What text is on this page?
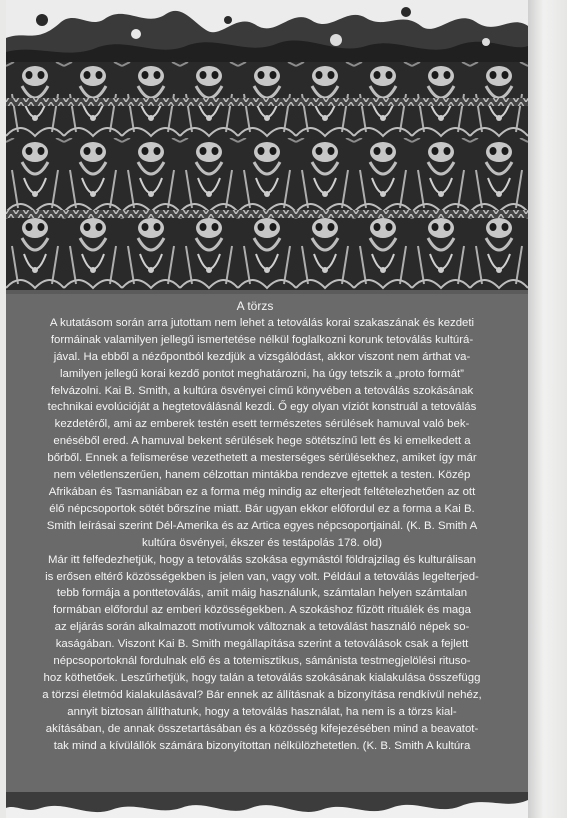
A törzs
A kutatásom során arra jutottam nem lehet a tetoválás korai szakaszának és kezdeti
formáinak valamilyen jellegű ismertetése nélkül foglalkozni korunk tetoválás kultúrá-
jával. Ha ebből a nézőpontból kezdjük a vizsgálódást, akkor viszont nem árthat va-
lamilyen jellegű korai kezdő pontot meghatározni, ha úgy tetszik a „proto formát”
felvázolni. Kai B. Smith, a kultúra ösvényei című könyvében a tetoválás szokásának
technikai evolúcióját a hegtetoválásnál kezdi. Ő egy olyan víziót konstruál a tetoválás
kezdetéről, ami az emberek testén esett természetes sérülések hamuval való bek-
enéséből ered. A hamuval bekent sérülések hege sötétszínű lett és ki emelkedett a
bőrből. Ennek a felismerése vezethetett a mesterséges sérülésekhez, amiket így már
nem véletlenszerűen, hanem célzottan mintákba rendezve ejtettek a testen. Közép
Afrikában és Tasmaniában ez a forma még mindig az elterjedt feltételezhetően az ott
élő népcsoportok sötét bőrszíne miatt. Bár ugyan ekkor előfordul ez a forma a Kai B.
Smith leírásai szerint Dél-Amerika és az Artica egyes népcsoportjainál. (K. B. Smith A
kultúra ösvényei, ékszer és testápolás 178. old)
Már itt felfedezhetjük, hogy a tetoválás szokása egymástól földrajzilag és kulturálisan
is erősen eltérő közösségekben is jelen van, vagy volt. Például a tetoválás legelterjed-
tebb formája a ponttetoválás, amit máig használunk, számtalan helyen számtalan
formában előfordul az emberi közösségekben. A szokáshoz fűzött rituálék és maga
az eljárás során alkalmazott motívumok változnak a tetoválást használó népek so-
kaságában. Viszont Kai B. Smith megállapítása szerint a tetoválások csak a fejlett
népcsoportoknál fordulnak elő és a totemisztikus, sámánista testmegjelölési rituso-
hoz köthetőek. Leszűrhetjük, hogy talán a tetoválás szokásának kialakulása összefügg
a törzsi életmód kialakulásával? Bár ennek az állításnak a bizonyítása rendkívül nehéz,
annyit biztosan állíthatunk, hogy a tetoválás használat, ha nem is a törzs kial-
akításában, de annak összetartásában és a közösség kifejezésében mind a beavatot-
tak mind a kívülállók számára bizonyítottan nélkülözhetetlen. (K. B. Smith A kultúra
